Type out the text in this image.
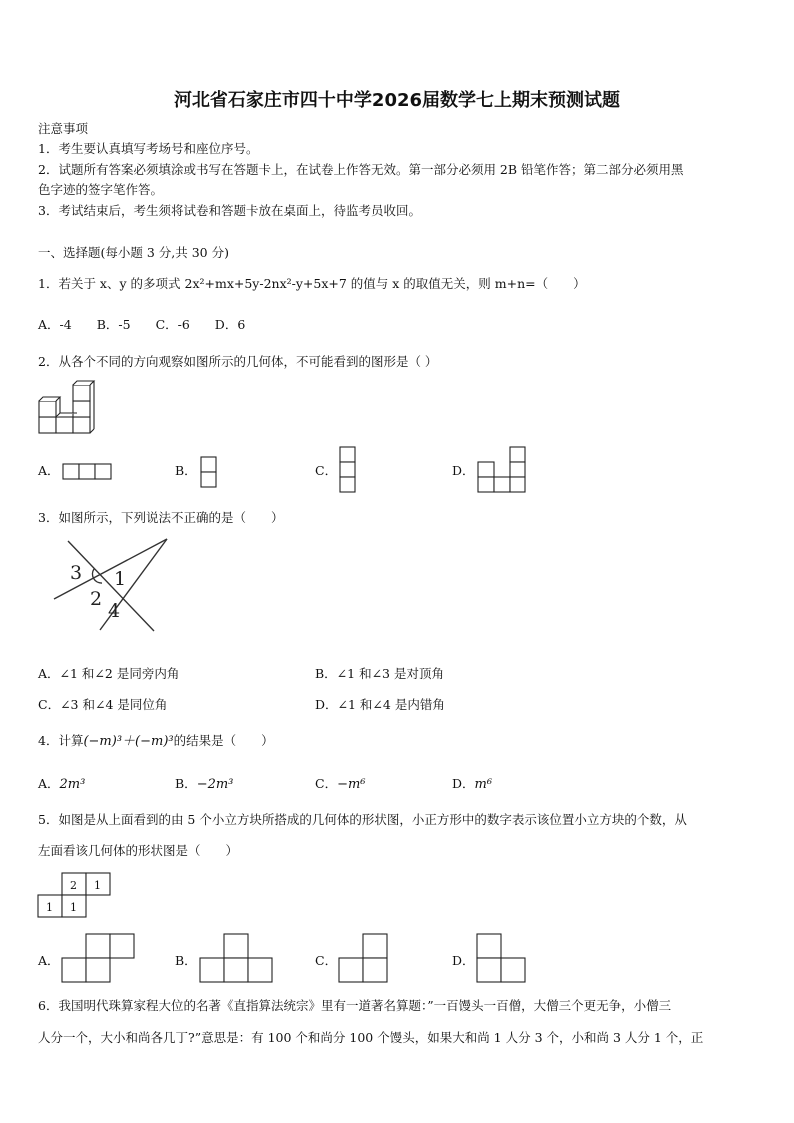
河北省石家庄市四十中学2026届数学七上期末预测试题
注意事项
1．考生要认真填写考场号和座位序号。
2．试题所有答案必须填涂或书写在答题卡上，在试卷上作答无效。第一部分必须用 2B 铅笔作答；第二部分必须用黑
色字迹的签字笔作答。
3．考试结束后，考生须将试卷和答题卡放在桌面上，待监考员收回。
一、选择题(每小题 3 分,共 30 分)
1．若关于 x、y 的多项式 2x²+mx+5y-2nx²-y+5x+7 的值与 x 的取值无关，则 m+n=（　　）
A．-4　　B．-5　　C．-6　　D．6
2．从各个不同的方向观察如图所示的几何体，不可能看到的图形是（ ）
A．	B．	C．	D．
3．如图所示，下列说法不正确的是（　　）
3 1
2
4
A．∠1 和∠2 是同旁内角	B．∠1 和∠3 是对顶角
C．∠3 和∠4 是同位角	D．∠1 和∠4 是内错角
4．计算(−m)³＋(−m)³的结果是（　　）
A．2m³	B．−2m³	C．−m⁶	D．m⁶
5．如图是从上面看到的由 5 个小立方块所搭成的几何体的形状图，小正方形中的数字表示该位置小立方块的个数，从
左面看该几何体的形状图是（　　）
2 1
1 1
A．	B．	C．	D．
6．我国明代珠算家程大位的名著《直指算法统宗》里有一道著名算题：”一百馒头一百僧，大僧三个更无争，小僧三
人分一个，大小和尚各几丁?”意思是：有 100 个和尚分 100 个馒头，如果大和尚 1 人分 3 个，小和尚 3 人分 1 个，正
